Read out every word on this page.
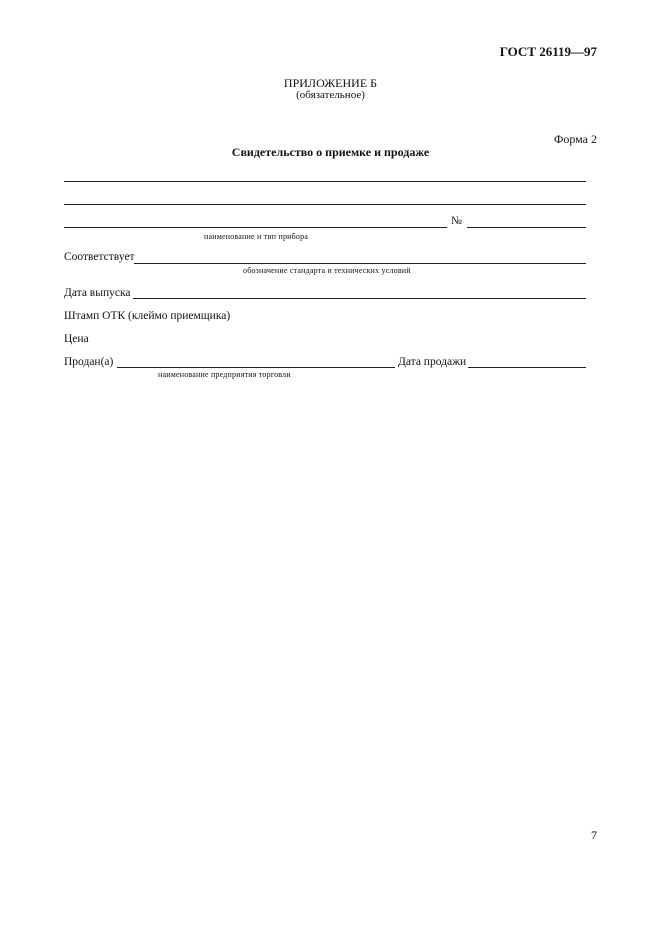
ГОСТ 26119—97
ПРИЛОЖЕНИЕ Б
(обязательное)
Форма 2
Свидетельство о приемке и продаже
№
наименование и тип прибора
Соответствует
обозначение стандарта и технических условий
Дата выпуска
Штамп ОТК (клеймо приемщика)
Цена
Продан(а)	Дата продажи
наименование предприятия торговли
7
